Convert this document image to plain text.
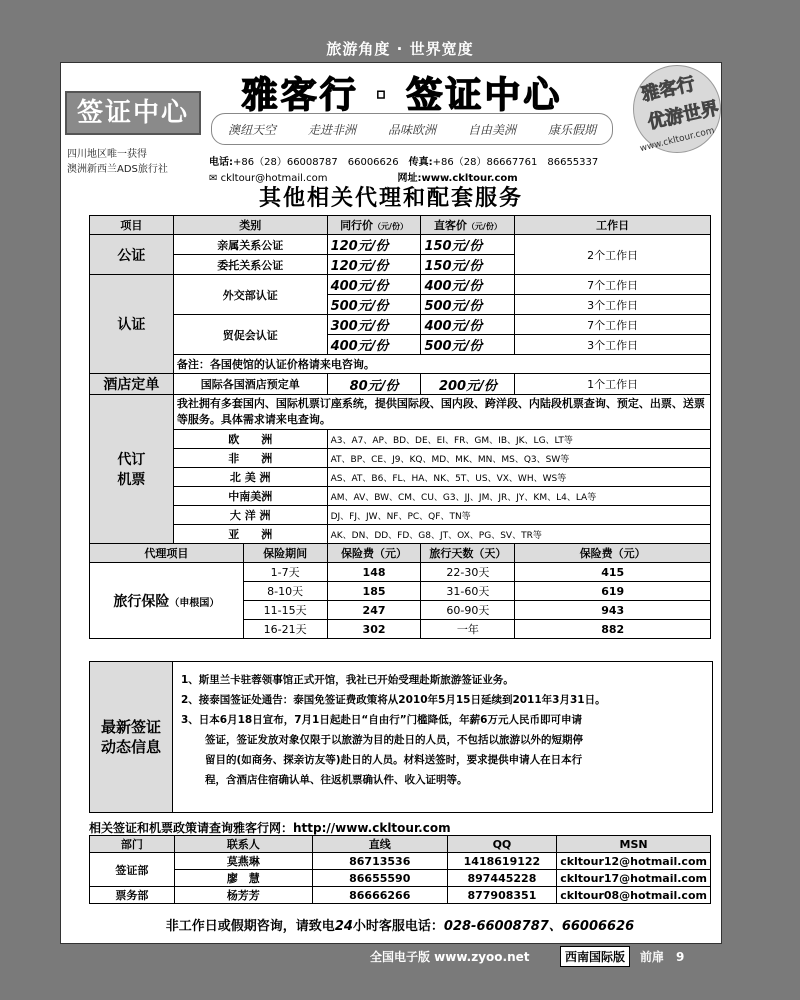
旅游角度 · 世界宽度
签证中心
四川地区唯一获得
澳洲新西兰ADS旅行社
雅客行 · 签证中心
澳纽天空	走进非洲	品味欧洲	自由美洲	康乐假期
电话:+86（28）66008787　66006626 传真:+86（28）86667761　86655337
✉ ckltour@hotmail.com	网址:www.ckltour.com
雅客行
优游世界
www.ckltour.com
其他相关代理和配套服务
项目	类别		同行价（元/份）	直客价（元/份）	工作日
公证	亲属关系公证		120元/份	150元/份	2个工作日
	委托关系公证		120元/份	150元/份	
认证	外交部认证		400元/份	400元/份	7个工作日
			500元/份	500元/份	3个工作日
	贸促会认证		300元/份	400元/份	7个工作日
			400元/份	500元/份	3个工作日
	备注：各国使馆的认证价格请来电咨询。				
酒店定单	国际各国酒店预定单		80元/份	200元/份	1个工作日

代订
机票	我社拥有多套国内、国际机票订座系统，提供国际段、国内段、跨洋段、内陆段机票查询、预定、出票、送票等服务。具体需求请来电查询。				
	欧　　洲		A3、A7、AP、BD、DE、EI、FR、GM、IB、JK、LG、LT等		
	非　　洲		AT、BP、CE、J9、KQ、MD、MK、MN、MS、Q3、SW等		
	北 美 洲		AS、AT、B6、FL、HA、NK、5T、US、VX、WH、WS等		
	中南美洲		AM、AV、BW、CM、CU、G3、JJ、JM、JR、JY、KM、L4、LA等		
	大 洋 洲		DJ、FJ、JW、NF、PC、QF、TN等		
	亚　　洲		AK、DN、DD、FD、G8、JT、OX、PG、SV、TR等		
代理项目		保险期间	保险费（元）	旅行天数（天）	保险费（元）
旅行保险（申根国）		1-7天	148	22-30天	415
		8-10天	185	31-60天	619
		11-15天	247	60-90天	943
		16-21天	302	一年	882
最新签证
动态信息
1、斯里兰卡驻蓉领事馆正式开馆，我社已开始受理赴斯旅游签证业务。
2、接泰国签证处通告：泰国免签证费政策将从2010年5月15日延续到2011年3月31日。
3、日本6月18日宣布，7月1日起赴日“自由行”门槛降低，年薪6万元人民币即可申请
签证，签证发放对象仅限于以旅游为目的赴日的人员，不包括以旅游以外的短期停
留目的(如商务、探亲访友等)赴日的人员。材料送签时，要求提供申请人在日本行
程，含酒店住宿确认单、往返机票确认件、收入证明等。
相关签证和机票政策请查询雅客行网：http://www.ckltour.com
部门	联系人	直线	QQ	MSN
签证部	莫燕琳	86713536	1418619122	ckltour12@hotmail.com
	廖　慧	86655590	897445228	ckltour17@hotmail.com
票务部	杨芳芳	86666266	877908351	ckltour08@hotmail.com
非工作日或假期咨询，请致电24小时客服电话：028-66008787、66006626
全国电子版 www.zyoo.net	西南国际版	前扉　9
